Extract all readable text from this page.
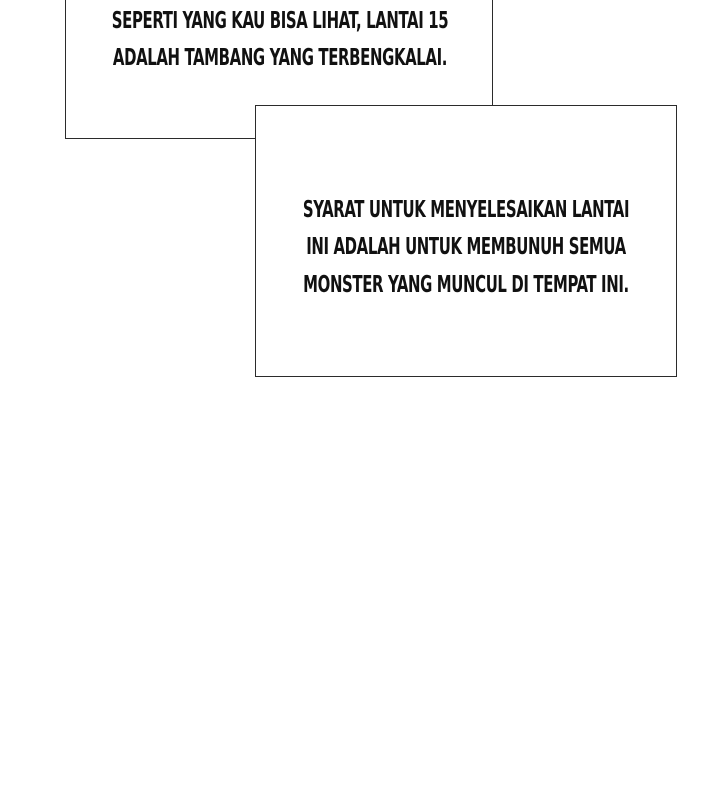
SEPERTI YANG KAU BISA LIHAT, LANTAI 15
ADALAH TAMBANG YANG TERBENGKALAI.
SYARAT UNTUK MENYELESAIKAN LANTAI
INI ADALAH UNTUK MEMBUNUH SEMUA
MONSTER YANG MUNCUL DI TEMPAT INI.
